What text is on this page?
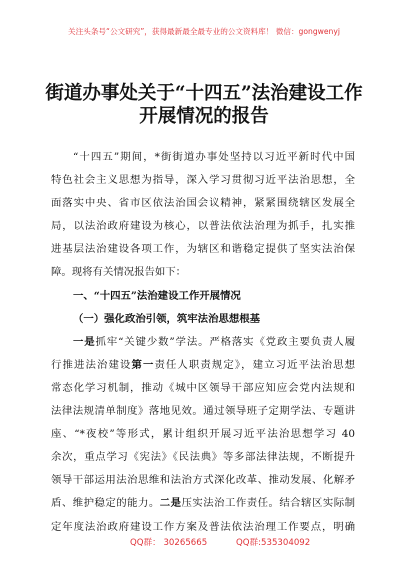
关注头条号“公文研究”，获得最新最全最专业的公文资料库！ 微信：gongwenyj
街道办事处关于“十四五”法治建设工作
开展情况的报告
“十四五”期间，*街街道办事处坚持以习近平新时代中国
特色社会主义思想为指导，深入学习贯彻习近平法治思想，全
面落实中央、省市区依法治国会议精神，紧紧围绕辖区发展全
局，以法治政府建设为核心，以普法依法治理为抓手，扎实推
进基层法治建设各项工作，为辖区和谐稳定提供了坚实法治保
障。现将有关情况报告如下：
一、“十四五”法治建设工作开展情况
（一）强化政治引领，筑牢法治思想根基
一是抓牢“关键少数”学法。严格落实《党政主要负责人履
行推进法治建设第一责任人职责规定》，建立习近平法治思想
常态化学习机制，推动《城中区领导干部应知应会党内法规和
法律法规清单制度》落地见效。通过领导班子定期学法、专题讲
座、“*夜校”等形式，累计组织开展习近平法治思想学习 40
余次，重点学习《宪法》《民法典》等多部法律法规，不断提升
领导干部运用法治思维和法治方式深化改革、推动发展、化解矛
盾、维护稳定的能力。二是压实法治工作责任。结合辖区实际制
定年度法治政府建设工作方案及普法依法治理工作要点，明确
QQ群： 30265665	QQ群:535304092
